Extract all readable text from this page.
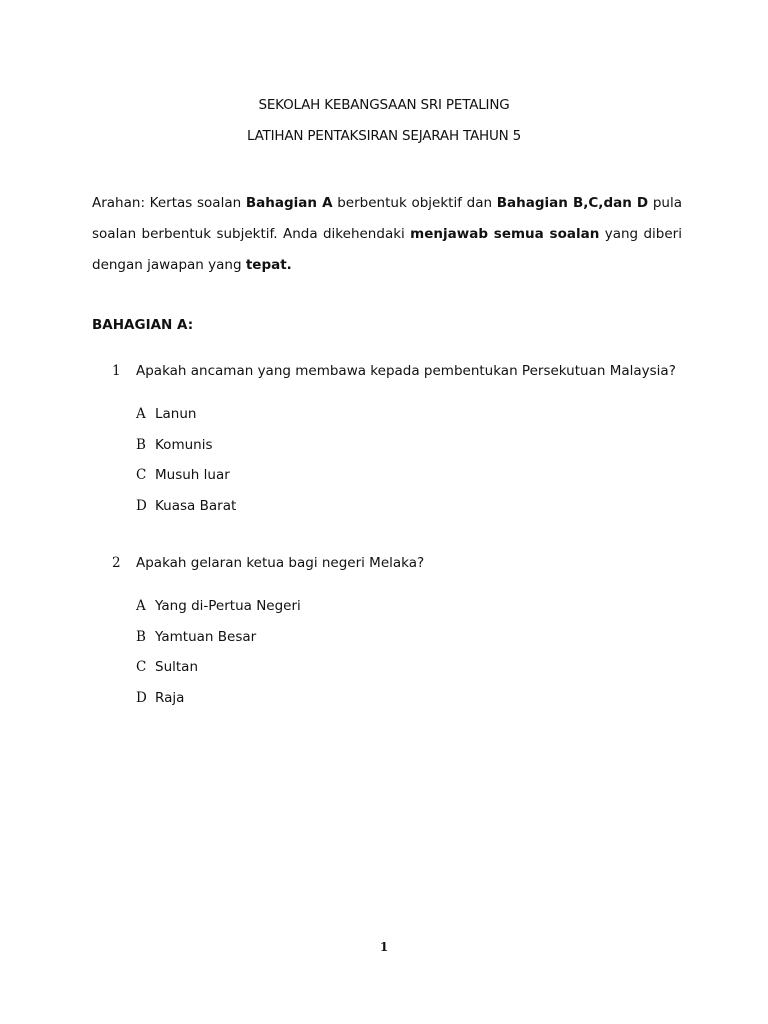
SEKOLAH KEBANGSAAN SRI PETALING
LATIHAN PENTAKSIRAN SEJARAH TAHUN 5

Arahan: Kertas soalan Bahagian A berbentuk objektif dan Bahagian B,C,dan D pula soalan berbentuk subjektif. Anda dikehendaki menjawab semua soalan yang diberi dengan jawapan yang tepat.

BAHAGIAN A:
1 Apakah ancaman yang membawa kepada pembentukan Persekutuan Malaysia?
A Lanun
B Komunis
C Musuh luar
D Kuasa Barat
2 Apakah gelaran ketua bagi negeri Melaka?
A Yang di-Pertua Negeri
B Yamtuan Besar
C Sultan
D Raja
1
